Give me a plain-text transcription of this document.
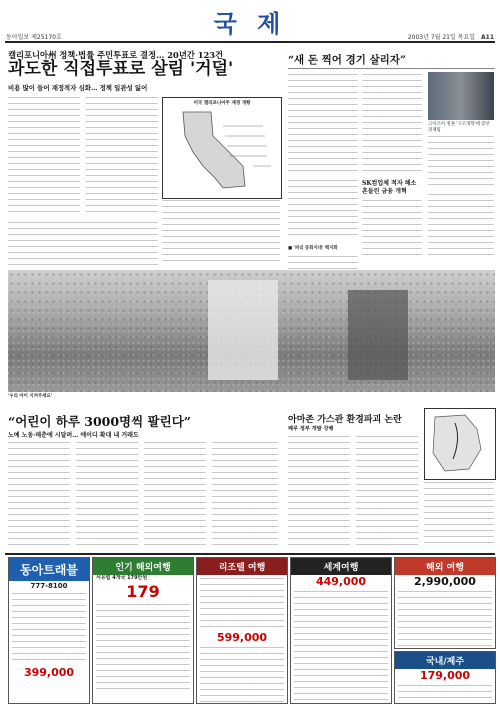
국 제
동아일보 제25170호	2003년 7월 21일 목요일 A11
캘리포니아州 정책·법률 주민투표로 결정… 20년간 123건
과도한 직접투표로 살림 '거덜'
비용 많이 들어 재정적자 심화… 정책 일관성 잃어
미국 캘리포니아주 재정 개황
“새 돈 찍어 경기 살리자”
고이즈미 정권 '구조개혁'에 맞선 경제팀
SK컴업체 적자 해소 흔들린 금융 개혁
■ '파리 동화지대' 백지화
'우리 아이 지켜주세요'
“어린이 하루 3000명씩 팔린다”
노예 노동·매춘에 시달려… 에이디 확대 내 거래도
아마존 가스관 환경파괴 논란
페루 정부 개발 강행
동아트래블
777-8100
399,000
인기 해외여행
서유럽 4개국 179만원
179
리조텔 여행
599,000
세계여행
449,000
해외 여행
2,990,000
국내/제주
179,000
